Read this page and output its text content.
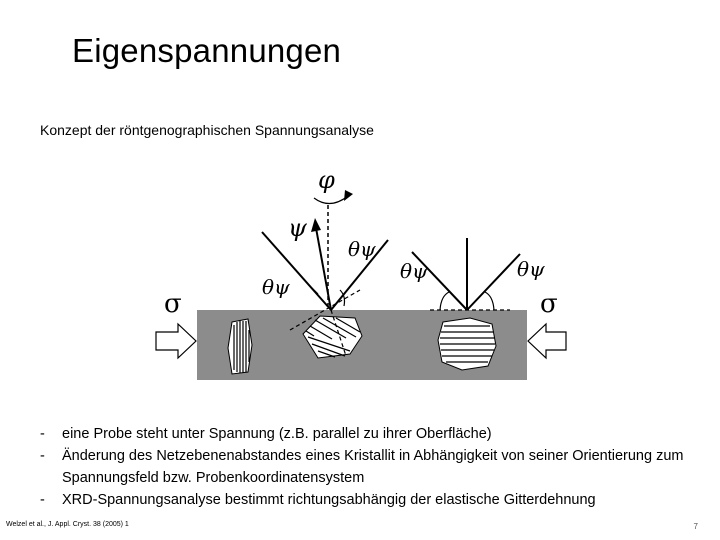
Eigenspannungen

Konzept der röntgenographischen Spannungsanalyse

σ	σ
φ
ψ
θψ
θψ
θψ	θψ
- eine Probe steht unter Spannung (z.B. parallel zu ihrer Oberfläche)
- Änderung des Netzebenenabstandes eines Kristallit in Abhängigkeit von seiner Orientierung zum Spannungsfeld bzw. Probenkoordinatensystem
- XRD-Spannungsanalyse bestimmt richtungsabhängig der elastische Gitterdehnung
Welzel et al., J. Appl. Cryst. 38 (2005) 1	7
